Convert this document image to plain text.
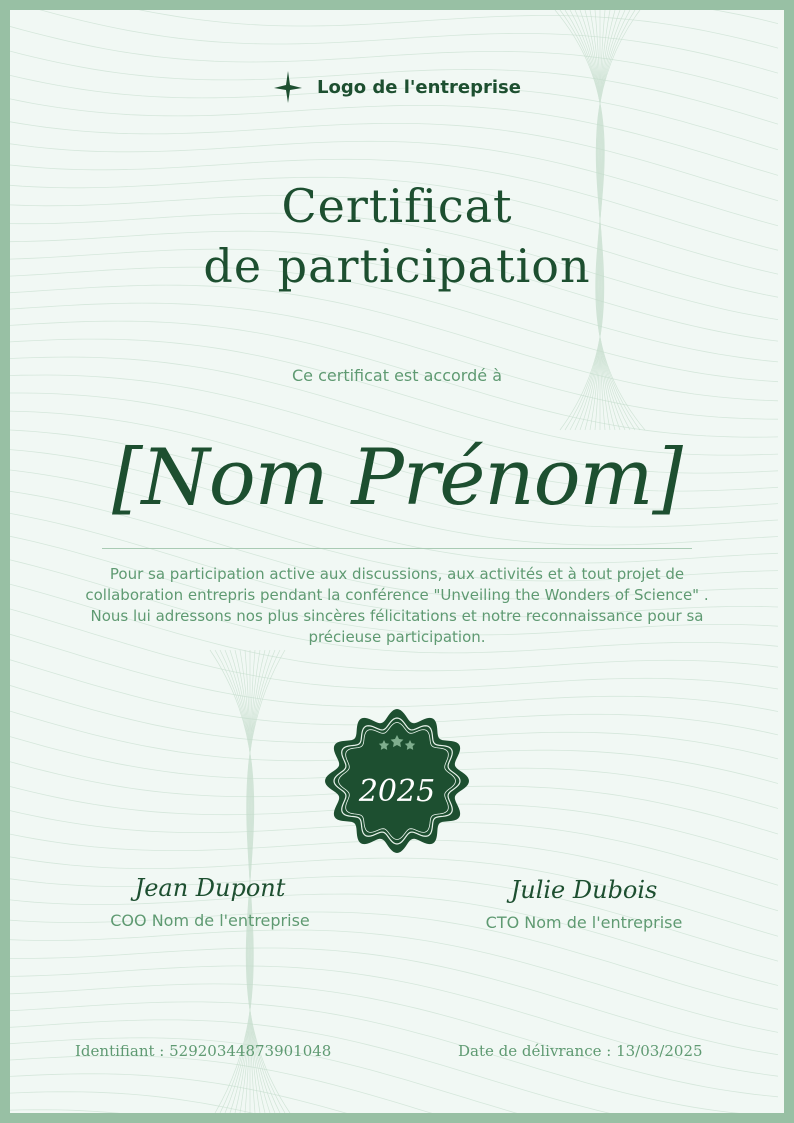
Logo de l'entreprise
Certificat
de participation
Ce certificat est accordé à
[Nom Prénom]
Pour sa participation active aux discussions, aux activités et à tout projet de collaboration entrepris pendant la conférence "Unveiling the Wonders of Science" . Nous lui adressons nos plus sincères félicitations et notre reconnaissance pour sa précieuse participation.
2025
Jean Dupont
COO Nom de l'entreprise
Julie Dubois
CTO Nom de l'entreprise
Identifiant : 52920344873901048	Date de délivrance : 13/03/2025
